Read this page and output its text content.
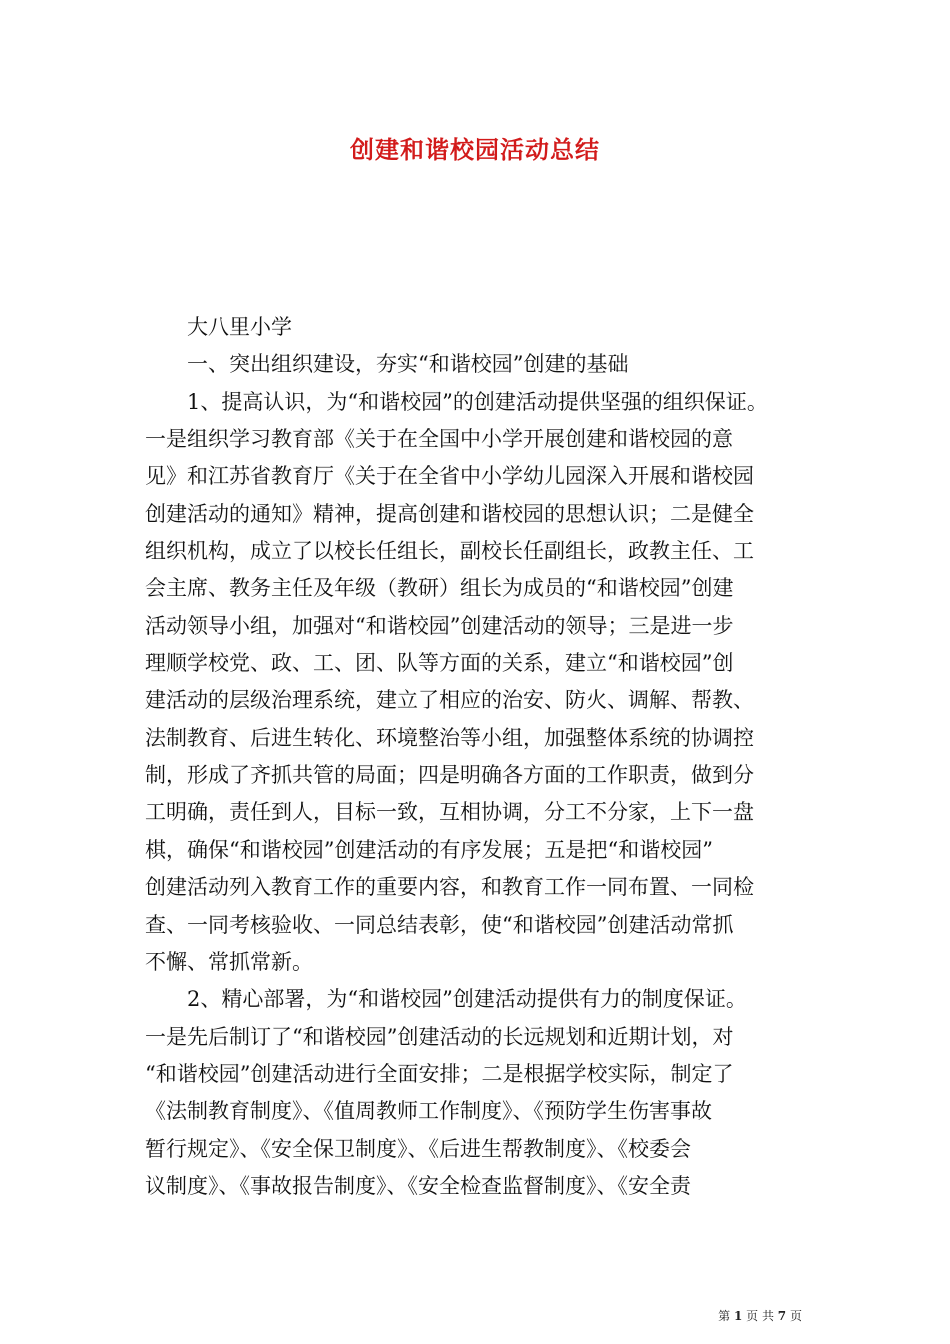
创建和谐校园活动总结
大八里小学
一、突出组织建设，夯实“和谐校园”创建的基础
1、提高认识，为“和谐校园”的创建活动提供坚强的组织保证。
一是组织学习教育部《关于在全国中小学开展创建和谐校园的意
见》和江苏省教育厅《关于在全省中小学幼儿园深入开展和谐校园
创建活动的通知》精神，提高创建和谐校园的思想认识；二是健全
组织机构，成立了以校长任组长，副校长任副组长，政教主任、工
会主席、教务主任及年级（教研）组长为成员的“和谐校园”创建
活动领导小组，加强对“和谐校园”创建活动的领导；三是进一步
理顺学校党、政、工、团、队等方面的关系，建立“和谐校园”创
建活动的层级治理系统，建立了相应的治安、防火、调解、帮教、
法制教育、后进生转化、环境整治等小组，加强整体系统的协调控
制，形成了齐抓共管的局面；四是明确各方面的工作职责，做到分
工明确，责任到人，目标一致，互相协调，分工不分家，上下一盘
棋，确保“和谐校园”创建活动的有序发展；五是把“和谐校园”
创建活动列入教育工作的重要内容，和教育工作一同布置、一同检
查、一同考核验收、一同总结表彰，使“和谐校园”创建活动常抓
不懈、常抓常新。
2、精心部署，为“和谐校园”创建活动提供有力的制度保证。
一是先后制订了“和谐校园”创建活动的长远规划和近期计划，对
“和谐校园”创建活动进行全面安排；二是根据学校实际，制定了
《法制教育制度》、《值周教师工作制度》、《预防学生伤害事故
暂行规定》、《安全保卫制度》、《后进生帮教制度》、《校委会
议制度》、《事故报告制度》、《安全检查监督制度》、《安全责
第 1 页 共 7 页
